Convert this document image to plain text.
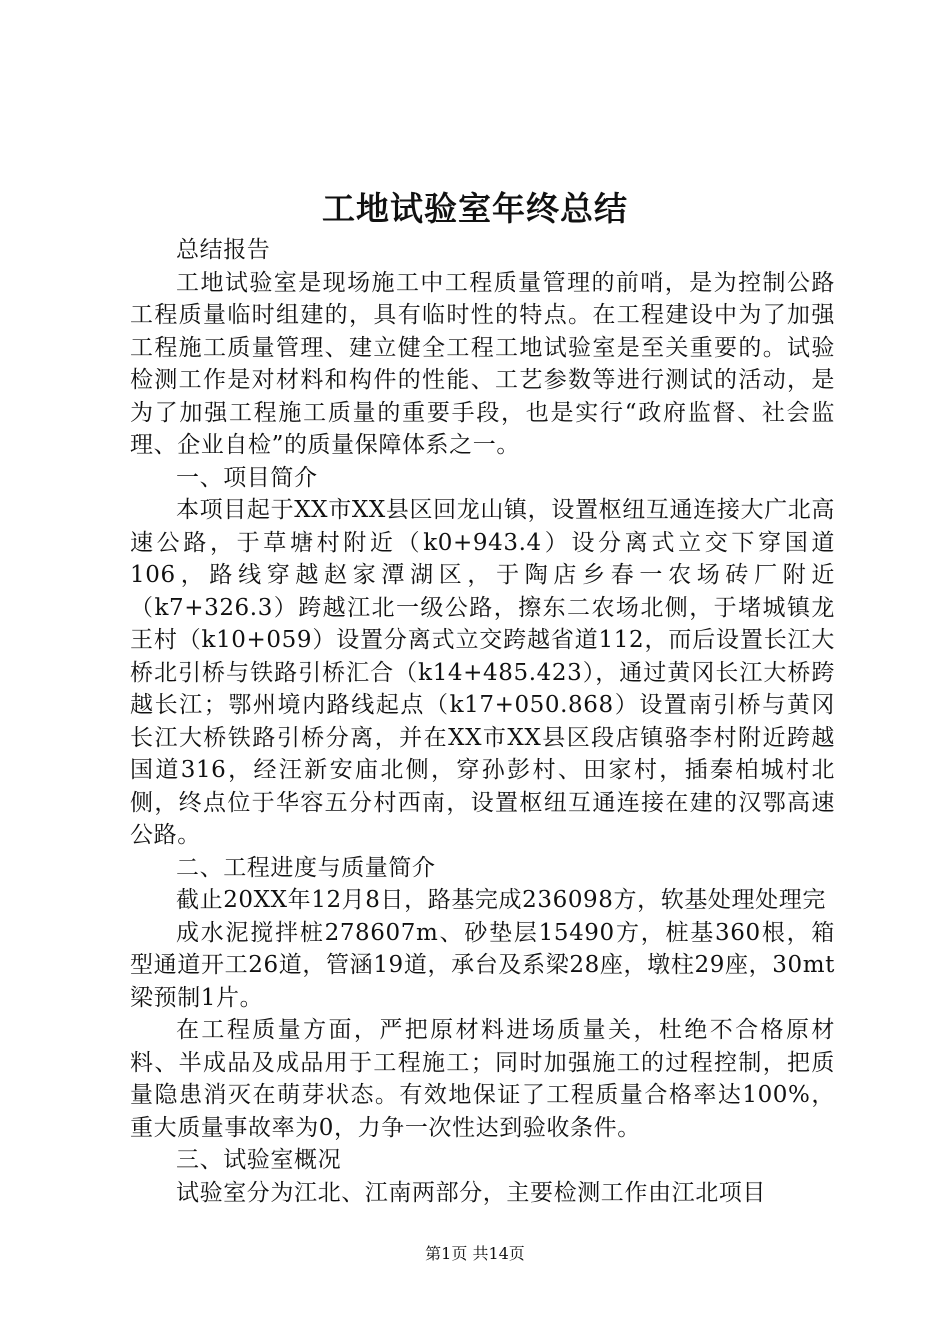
工地试验室年终总结

总结报告

工地试验室是现场施工中工程质量管理的前哨，是为控制公路工程质量临时组建的，具有临时性的特点。在工程建设中为了加强工程施工质量管理、建立健全工程工地试验室是至关重要的。试验检测工作是对材料和构件的性能、工艺参数等进行测试的活动，是为了加强工程施工质量的重要手段，也是实行“政府监督、社会监理、企业自检”的质量保障体系之一。

一、项目简介

本项目起于XX市XX县区回龙山镇，设置枢纽互通连接大广北高速公路，于草塘村附近（k0+943.4）设分离式立交下穿国道106，路线穿越赵家潭湖区，于陶店乡春一农场砖厂附近（k7+326.3）跨越江北一级公路，擦东二农场北侧，于堵城镇龙王村（k10+059）设置分离式立交跨越省道112，而后设置长江大桥北引桥与铁路引桥汇合（k14+485.423），通过黄冈长江大桥跨越长江；鄂州境内路线起点（k17+050.868）设置南引桥与黄冈长江大桥铁路引桥分离，并在XX市XX县区段店镇骆李村附近跨越国道316，经汪新安庙北侧，穿孙彭村、田家村，插秦柏城村北侧，终点位于华容五分村西南，设置枢纽互通连接在建的汉鄂高速公路。

二、工程进度与质量简介

截止20XX年12月8日，路基完成236098方，软基处理处理完

成水泥搅拌桩278607m、砂垫层15490方，桩基360根，箱型通道开工26道，管涵19道，承台及系梁28座，墩柱29座，30mt梁预制1片。

在工程质量方面，严把原材料进场质量关，杜绝不合格原材料、半成品及成品用于工程施工；同时加强施工的过程控制，把质量隐患消灭在萌芽状态。有效地保证了工程质量合格率达100%，重大质量事故率为0，力争一次性达到验收条件。

三、试验室概况

试验室分为江北、江南两部分，主要检测工作由江北项目

第1页 共14页
